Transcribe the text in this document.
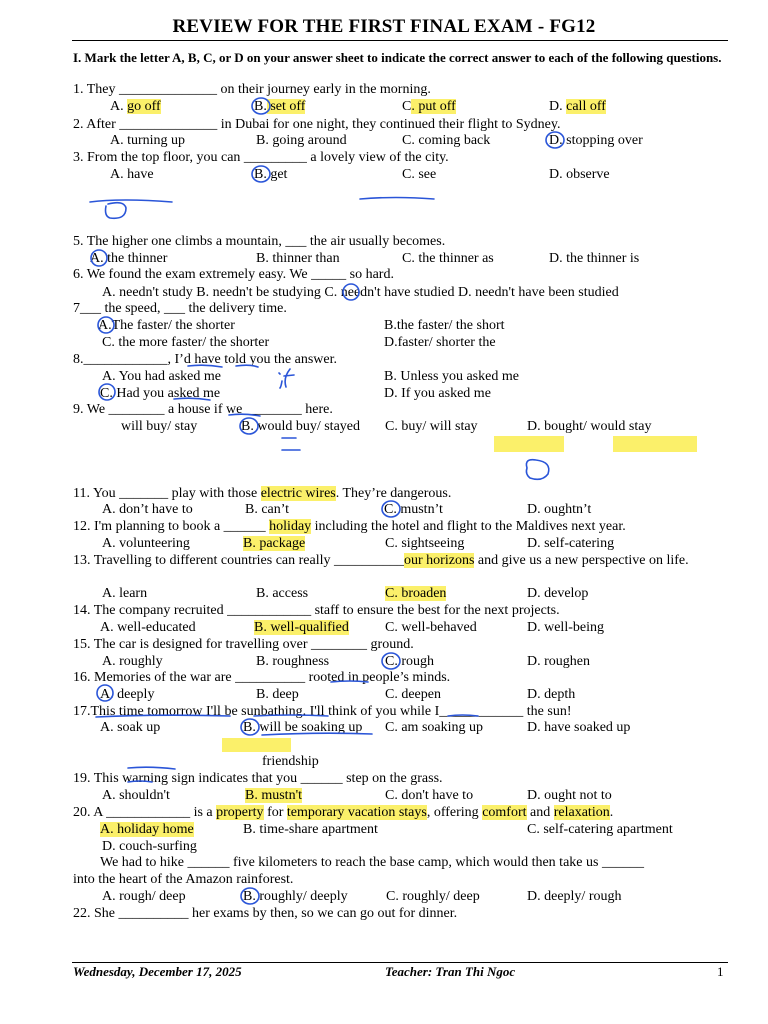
REVIEW FOR THE FIRST FINAL EXAM - FG12
I. Mark the letter A, B, C, or D on your answer sheet to indicate the correct answer to each of the following questions.
1. They ______________ on their journey early in the morning.
A. go off	B. set off	C. put off	D. call off
2. After ______________ in Dubai for one night, they continued their flight to Sydney.
A. turning up	B. going around	C. coming back	D. stopping over
3. From the top floor, you can _________ a lovely view of the city.
A. have	B. get	C. see	D. observe
5. The higher one climbs a mountain, ___ the air usually becomes.
A. the thinner	B. thinner than	C. the thinner as	D. the thinner is
6. We found the exam extremely easy. We _____ so hard.
A. needn't study B. needn't be studying C. needn't have studied D. needn't have been studied
7___ the speed, ___ the delivery time.
A.The faster/ the shorter	B.the faster/ the short
C. the more faster/ the shorter	D.faster/ shorter the
8.____________, I’d have told you the answer.
A. You had asked me	B. Unless you asked me
C. Had you asked me	D. If you asked me
9. We ________ a house if we ________ here.
will buy/ stay	B. would buy/ stayed C. buy/ will stay	D. bought/ would stay
11. You _______ play with those electric wires. They’re dangerous.
A. don’t have to	B. can’t	C. mustn’t	D. oughtn’t
12. I'm planning to book a ______ holiday including the hotel and flight to the Maldives next year.
A. volunteering	B. package	C. sightseeing	D. self-catering
13. Travelling to different countries can really __________our horizons and give us a new perspective on life.
A. learn	B. access	C. broaden	D. develop
14. The company recruited ____________ staff to ensure the best for the next projects.
A. well-educated	B. well-qualified	C. well-behaved	D. well-being
15. The car is designed for travelling over ________ ground.
A. roughly	B. roughness	C. rough	D. roughen
16. Memories of the war are __________ rooted in people’s minds.
A. deeply	B. deep	C. deepen	D. depth
17.This time tomorrow I'll be sunbathing. I'll think of you while I____________ the sun!
A. soak up	B. will be soaking up C. am soaking up	D. have soaked up
friendship
19. This warning sign indicates that you ______ step on the grass.
A. shouldn't	B. mustn't	C. don't have to	D. ought not to
20. A ____________ is a property for temporary vacation stays, offering comfort and relaxation.
A. holiday home	B. time-share apartment	C. self-catering apartment
D. couch-surfing
We had to hike ______ five kilometers to reach the base camp, which would then take us ______
into the heart of the Amazon rainforest.
A. rough/ deep	B. roughly/ deeply	C. roughly/ deep	D. deeply/ rough
22. She __________ her exams by then, so we can go out for dinner.
Wednesday, December 17, 2025	Teacher: Tran Thi Ngoc	1
